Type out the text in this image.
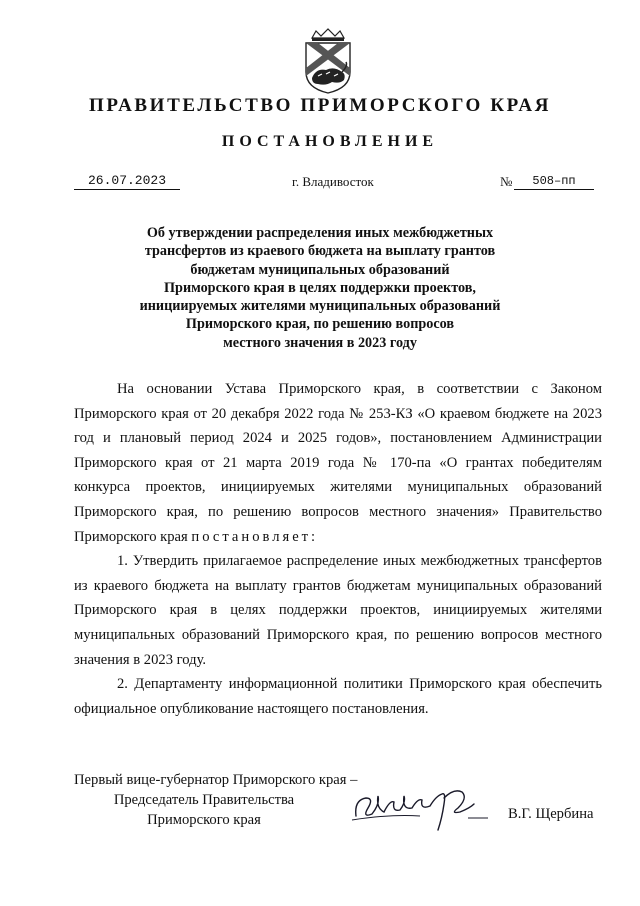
ПРАВИТЕЛЬСТВО ПРИМОРСКОГО КРАЯ
ПОСТАНОВЛЕНИЕ
26.07.2023	г. Владивосток	№	508–пп
Об утверждении распределения иных межбюджетных
трансфертов из краевого бюджета на выплату грантов
бюджетам муниципальных образований
Приморского края в целях поддержки проектов,
инициируемых жителями муниципальных образований
Приморского края, по решению вопросов
местного значения в 2023 году

На основании Устава Приморского края, в соответствии с Законом Приморского края от 20 декабря 2022 года № 253-КЗ «О краевом бюджете на 2023 год и плановый период 2024 и 2025 годов», постановлением Администрации Приморского края от 21 марта 2019 года № 170-па «О грантах победителям конкурса проектов, инициируемых жителями муниципальных образований Приморского края, по решению вопросов местного значения» Правительство Приморского края постановляет:

1. Утвердить прилагаемое распределение иных межбюджетных трансфертов из краевого бюджета на выплату грантов бюджетам муниципальных образований Приморского края в целях поддержки проектов, инициируемых жителями муниципальных образований Приморского края, по решению вопросов местного значения в 2023 году.

2. Департаменту информационной политики Приморского края обеспечить официальное опубликование настоящего постановления.

Первый вице-губернатор Приморского края –
Председатель Правительства
Приморского края	В.Г. Щербина
